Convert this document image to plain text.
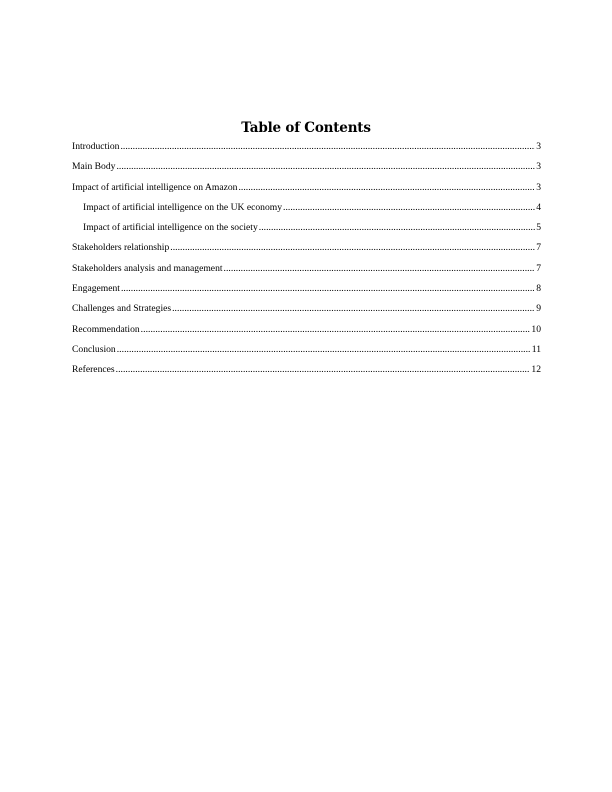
Table of Contents
Introduction .....	3
Main Body .....	3
Impact of artificial intelligence on Amazon .....	3
Impact of artificial intelligence on the UK economy .....	4
Impact of artificial intelligence on the society .....	5
Stakeholders relationship .....	7
Stakeholders analysis and management .....	7
Engagement .....	8
Challenges and Strategies .....	9
Recommendation .....	10
Conclusion .....	11
References .....	12
